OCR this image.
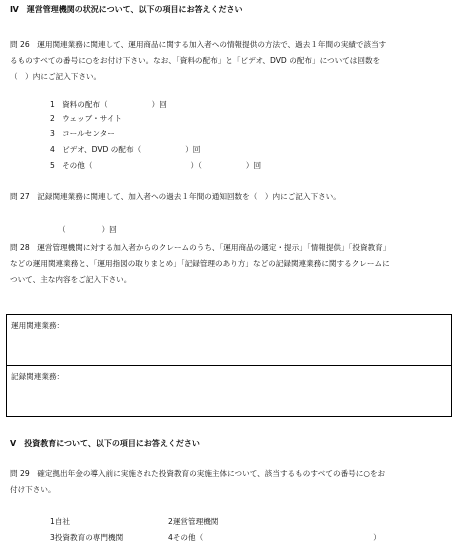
Ⅳ　運営管理機関の状況について、以下の項目にお答えください
問 26　運用関連業務に関連して、運用商品に関する加入者への情報提供の方法で、過去１年間の実績で該当す
るものすべての番号に○をお付け下さい。なお、「資料の配布」と「ビデオ、DVD の配布」については回数を
（　）内にご記入下さい。
1 資料の配布（	）回
2 ウェッブ・サイト
3 コールセンター
4 ビデオ、DVD の配布（	）回
5 その他（	）（	）回
問 27　記録関連業務に関連して、加入者への過去１年間の通知回数を（　）内にご記入下さい。
（	）回
問 28　運営管理機関に対する加入者からのクレームのうち、「運用商品の選定・提示」「情報提供」「投資教育」
などの運用関連業務と、「運用指図の取りまとめ」「記録管理のあり方」などの記録関連業務に関するクレームに
ついて、主な内容をご記入下さい。
運用関連業務：
記録関連業務：
Ⅴ　投資教育について、以下の項目にお答えください
問 29　確定拠出年金の導入前に実施された投資教育の実施主体について、該当するものすべての番号に○をお
付け下さい。
1自社	2運営管理機関
3投資教育の専門機関	4その他（	）
